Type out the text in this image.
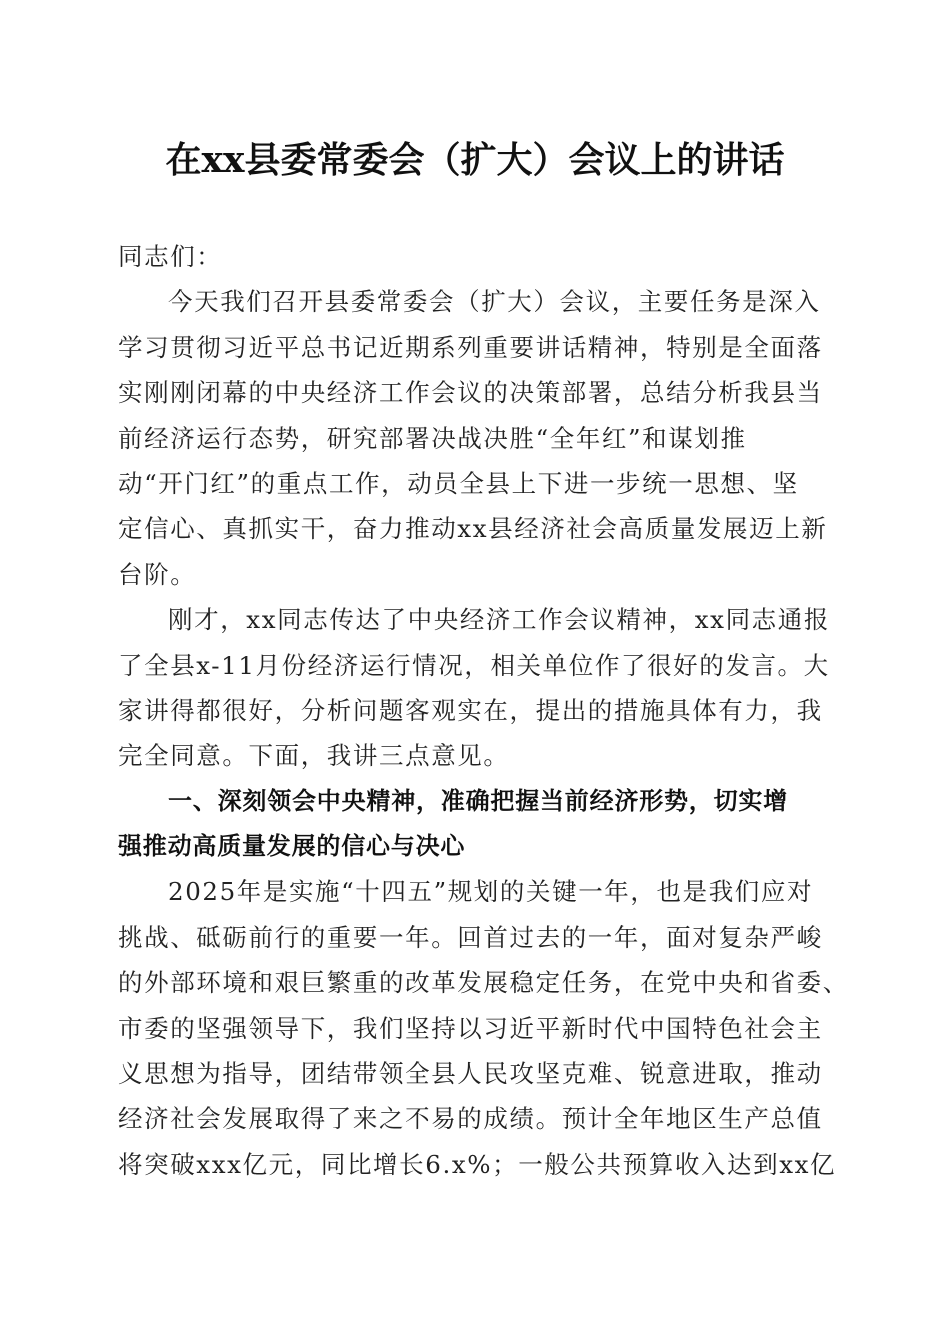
在xx县委常委会（扩大）会议上的讲话
同志们：
今天我们召开县委常委会（扩大）会议，主要任务是深入
学习贯彻习近平总书记近期系列重要讲话精神，特别是全面落
实刚刚闭幕的中央经济工作会议的决策部署，总结分析我县当
前经济运行态势，研究部署决战决胜“全年红”和谋划推
动“开门红”的重点工作，动员全县上下进一步统一思想、坚
定信心、真抓实干，奋力推动xx县经济社会高质量发展迈上新
台阶。
刚才，xx同志传达了中央经济工作会议精神，xx同志通报
了全县x-11月份经济运行情况，相关单位作了很好的发言。大
家讲得都很好，分析问题客观实在，提出的措施具体有力，我
完全同意。下面，我讲三点意见。
一、深刻领会中央精神，准确把握当前经济形势，切实增
强推动高质量发展的信心与决心
2025年是实施“十四五”规划的关键一年，也是我们应对
挑战、砥砺前行的重要一年。回首过去的一年，面对复杂严峻
的外部环境和艰巨繁重的改革发展稳定任务，在党中央和省委、
市委的坚强领导下，我们坚持以习近平新时代中国特色社会主
义思想为指导，团结带领全县人民攻坚克难、锐意进取，推动
经济社会发展取得了来之不易的成绩。预计全年地区生产总值
将突破xxx亿元，同比增长6.x%；一般公共预算收入达到xx亿
